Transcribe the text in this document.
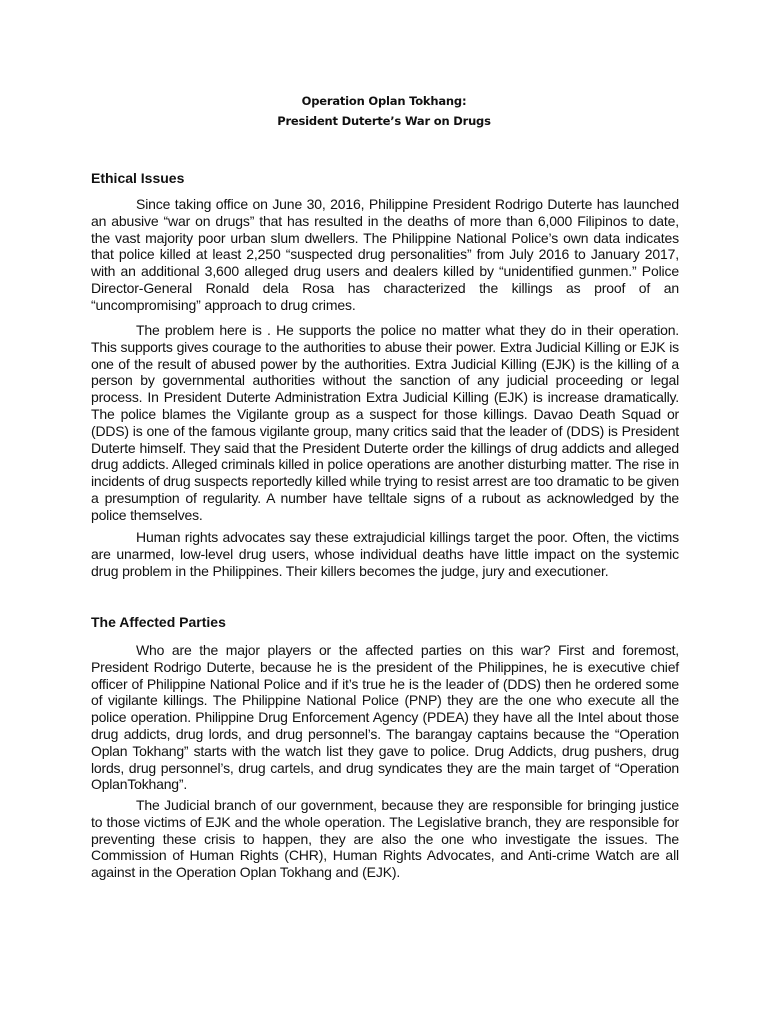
Operation Oplan Tokhang:
President Duterte’s War on Drugs
Ethical Issues

Since taking office on June 30, 2016, Philippine President Rodrigo Duterte has launched an abusive “war on drugs” that has resulted in the deaths of more than 6,000 Filipinos to date, the vast majority poor urban slum dwellers. The Philippine National Police’s own data indicates that police killed at least 2,250 “suspected drug personalities” from July 2016 to January 2017, with an additional 3,600 alleged drug users and dealers killed by “unidentified gunmen.” Police Director-General Ronald dela Rosa has characterized the killings as proof of an “uncompromising” approach to drug crimes.

The problem here is . He supports the police no matter what they do in their operation. This supports gives courage to the authorities to abuse their power. Extra Judicial Killing or EJK is one of the result of abused power by the authorities. Extra Judicial Killing (EJK) is the killing of a person by governmental authorities without the sanction of any judicial proceeding or legal process. In President Duterte Administration Extra Judicial Killing (EJK) is increase dramatically. The police blames the Vigilante group as a suspect for those killings. Davao Death Squad or (DDS) is one of the famous vigilante group, many critics said that the leader of (DDS) is President Duterte himself. They said that the President Duterte order the killings of drug addicts and alleged drug addicts. Alleged criminals killed in police operations are another disturbing matter. The rise in incidents of drug suspects reportedly killed while trying to resist arrest are too dramatic to be given a presumption of regularity. A number have telltale signs of a rubout as acknowledged by the police themselves.

Human rights advocates say these extrajudicial killings target the poor. Often, the victims are unarmed, low-level drug users, whose individual deaths have little impact on the systemic drug problem in the Philippines. Their killers becomes the judge, jury and executioner.

The Affected Parties

Who are the major players or the affected parties on this war? First and foremost, President Rodrigo Duterte, because he is the president of the Philippines, he is executive chief officer of Philippine National Police and if it’s true he is the leader of (DDS) then he ordered some of vigilante killings. The Philippine National Police (PNP) they are the one who execute all the police operation. Philippine Drug Enforcement Agency (PDEA) they have all the Intel about those drug addicts, drug lords, and drug personnel’s. The barangay captains because the “Operation Oplan Tokhang” starts with the watch list they gave to police. Drug Addicts, drug pushers, drug lords, drug personnel’s, drug cartels, and drug syndicates they are the main target of “Operation OplanTokhang”.

The Judicial branch of our government, because they are responsible for bringing justice to those victims of EJK and the whole operation. The Legislative branch, they are responsible for preventing these crisis to happen, they are also the one who investigate the issues. The Commission of Human Rights (CHR), Human Rights Advocates, and Anti-crime Watch are all against in the Operation Oplan Tokhang and (EJK).
